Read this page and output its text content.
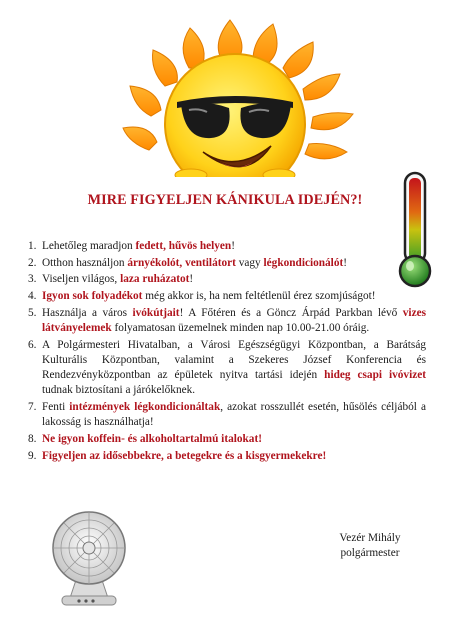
MIRE FIGYELJEN KÁNIKULA IDEJÉN?!
1. Lehetőleg maradjon fedett, hűvös helyen!
2. Otthon használjon árnyékolót, ventilátort vagy légkondicionálót!
3. Viseljen világos, laza ruházatot!
4. Igyon sok folyadékot még akkor is, ha nem feltétlenül érez szomjúságot!
5. Használja a város ivókútjait! A Főtéren és a Göncz Árpád Parkban lévő vizes látványelemek folyamatosan üzemelnek minden nap 10.00-21.00 óráig.
6. A Polgármesteri Hivatalban, a Városi Egészségügyi Központban, a Barátság Kulturális Központban, valamint a Szekeres József Konferencia és Rendezvényközpontban az épületek nyitva tartási idején hideg csapi ivóvizet tudnak biztosítani a járókelőknek.
7. Fenti intézmények légkondicionáltak, azokat rosszullét esetén, hűsölés céljából a lakosság is használhatja!
8. Ne igyon koffein- és alkoholtartalmú italokat!
9. Figyeljen az idősebbekre, a betegekre és a kisgyermekekre!
Vezér Mihály
polgármester
